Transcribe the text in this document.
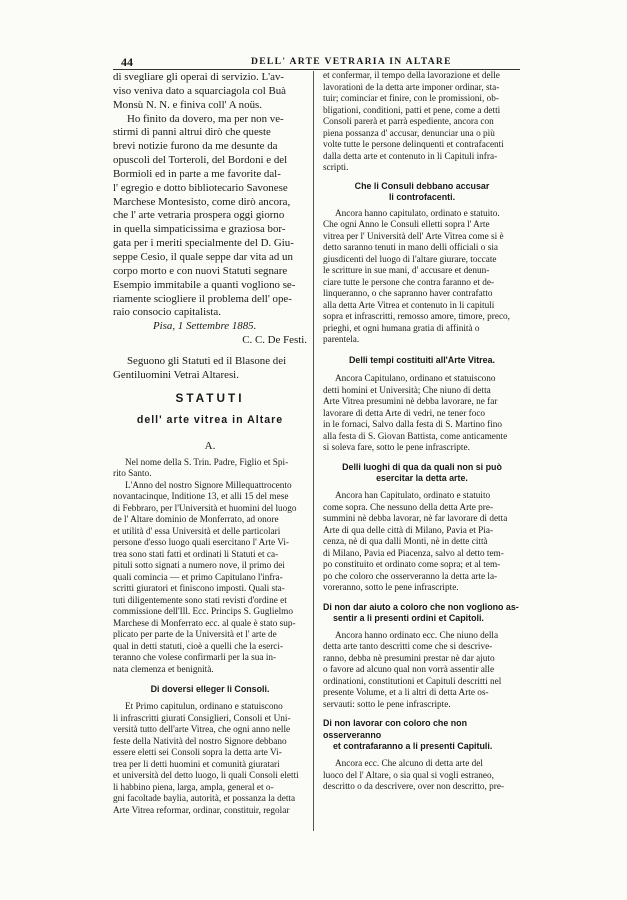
44	DELL' ARTE VETRARIA IN ALTARE

di svegliare gli operai di servizio. L'av-

viso veniva dato a squarciagola col Buà

Monsù N. N. e finiva coll' A noüs.

Ho finito da dovero, ma per non ve-

stirmi di panni altrui dirò che queste

brevi notizie furono da me desunte da

opuscoli del Torteroli, del Bordoni e del

Bormioli ed in parte a me favorite dal-

l' egregio e dotto bibliotecario Savonese

Marchese Montesisto, come dirò ancora,

che l' arte vetraria prospera oggi giorno

in quella simpaticissima e graziosa bor-

gata per i meriti specialmente del D. Giu-

seppe Cesio, il quale seppe dar vita ad un

corpo morto e con nuovi Statuti segnare

Esempio immitabile a quanti vogliono se-

riamente sciogliere il problema dell' ope-

raio consocio capitalista.

Pisa, 1 Settembre 1885.
C. C. De Festi.

Seguono gli Statuti ed il Blasone dei

Gentiluomini Vetrai Altaresi.

STATUTI
dell' arte vitrea in Altare
A.

Nel nome della S. Trin. Padre, Figlio et Spi-

rito Santo.

L'Anno del nostro Signore Millequattrocento

novantacinque, Inditione 13, et alli 15 del mese

di Febbraro, per l'Università et huomini del luogo

de l' Altare dominio de Monferrato, ad onore

et utilità d' essa Università et delle particolari

persone d'esso luogo quali esercitano l' Arte Vi-

trea sono stati fatti et ordinati li Statuti et ca-

pituli sotto signati a numero nove, il primo dei

quali comincia — et primo Capitulano l'infra-

scritti giuratori et finiscono imposti. Quali sta-

tuti diligentemente sono stati revisti d'ordine et

commissione dell'Ill. Ecc. Princips S. Guglielmo

Marchese di Monferrato ecc. al quale è stato sup-

plicato per parte de la Università et l' arte de

qual in detti statuti, cioè a quelli che la eserci-

teranno che volese confirmarli per la sua in-

nata clemenza et benignità.

Di doversi elleger li Consoli.

Et Primo capitulun, ordinano e statuiscono

li infrascritti giurati Consiglieri, Consoli et Uni-

versità tutto dell'arte Vitrea, che ogni anno nelle

feste della Natività del nostro Signore debbano

essere eletti sei Consoli sopra la detta arte Vi-

trea per li detti huomini et comunità giuratari

et università del detto luogo, li quali Consoli eletti

li habbino piena, larga, ampla, general et o-

gni facoltade baylia, autorità, et possanza la detta

Arte Vitrea reformar, ordinar, constituir, regolar

et confermar, il tempo della lavorazione et delle

lavorationi de la detta arte imponer ordinar, sta-

tuir; cominciar et finire, con le promissioni, ob-

bligationi, conditioni, patti et pene, come a detti

Consoli parerà et parrà espediente, ancora con

piena possanza d' accusar, denunciar una o più

volte tutte le persone delinquenti et contrafacenti

dalla detta arte et contenuto in li Capituli infra-

scripti.

Che li Consuli debbano accusar
li controfacenti.

Ancora hanno capitulato, ordinato e statuito.

Che ogni Anno le Consuli elletti sopra l' Arte

vitrea per l' Università dell' Arte Vitrea come si è

detto saranno tenuti in mano delli officiali o sia

giusdicenti del luogo di l'altare giurare, toccate

le scritture in sue mani, d' accusare et denun-

ciare tutte le persone che contra faranno et de-

linqueranno, o che sapranno haver contrafatto

alla detta Arte Vitrea et contenuto in li capituli

sopra et infrascritti, remosso amore, timore, preco,

prieghi, et ogni humana gratia di affinità o

parentela.

Delli tempi costituiti all'Arte Vitrea.

Ancora Capitulano, ordinano et statuiscono

detti homini et Università; Che niuno di detta

Arte Vitrea presumini nè debba lavorare, ne far

lavorare di detta Arte di vedri, ne tener foco

in le fornaci, Salvo dalla festa di S. Martino fino

alla festa di S. Giovan Battista, come anticamente

si soleva fare, sotto le pene infrascripte.

Delli luoghi di qua da quali non si può
esercitar la detta arte.

Ancora han Capitulato, ordinato e statuito

come sopra. Che nessuno della detta Arte pre-

summini nè debba lavorar, nè far lavorare di detta

Arte di qua delle città di Milano, Pavia et Pia-

cenza, nè di qua dalli Monti, nè in dette città

di Milano, Pavia ed Piacenza, salvo al detto tem-

po constituito et ordinato come sopra; et al tem-

po che coloro che osserveranno la detta arte la-

voreranno, sotto le pene infrascripte.

Di non dar aiuto a coloro che non vogliono as-
sentir a li presenti ordini et Capitoli.

Ancora hanno ordinato ecc. Che niuno della

detta arte tanto descritti come che si descrive-

ranno, debba nè presumini prestar nè dar ajuto

o favore ad alcuno qual non vorrà assentir alle

ordinationi, constitutioni et Capituli descritti nel

presente Volume, et a li altri di detta Arte os-

servauti: sotto le pene infrascripte.

Di non lavorar con coloro che non osserveranno
et contrafaranno a li presenti Capituli.

Ancora ecc. Che alcuno di detta arte del

luoco del l' Altare, o sia qual si vogli estraneo,

descritto o da descrivere, over non descritto, pre-
